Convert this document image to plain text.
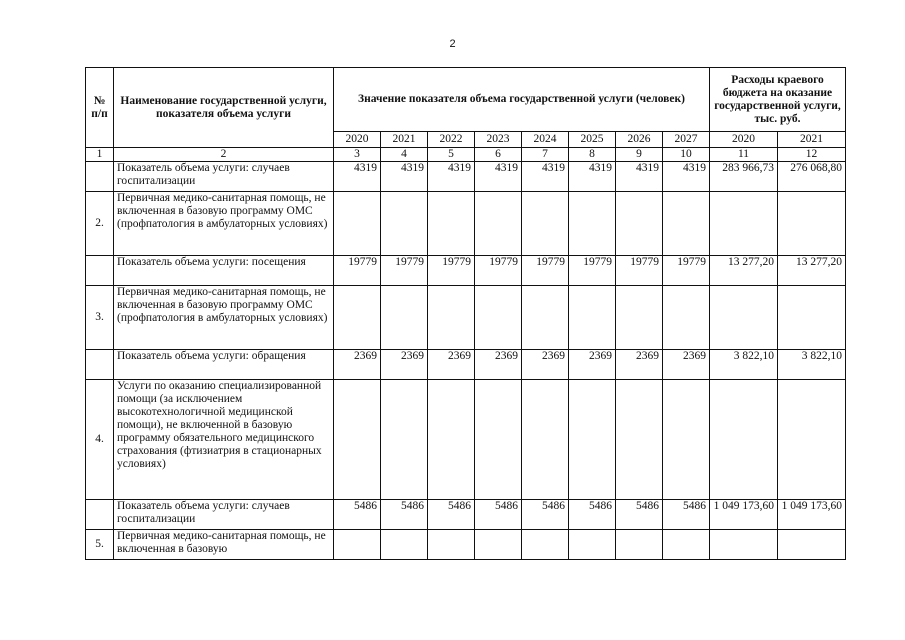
2
№ п/п	Наименование государственной услуги, показателя объема услуги	Значение показателя объема государственной услуги (человек)								Расходы краевого бюджета на оказание государственной услуги, тыс. руб.	
		2020	2021	2022	2023	2024	2025	2026	2027	2020	2021
1	2	3	4	5	6	7	8	9	10	11	12
	Показатель объема услуги: случаев госпитализации	4319	4319	4319	4319	4319	4319	4319	4319	283 966,73	276 068,80
2.	Первичная медико-санитарная помощь, не включенная в базовую программу ОМС (профпатология в амбулаторных условиях)										
	Показатель объема услуги: посещения	19779	19779	19779	19779	19779	19779	19779	19779	13 277,20	13 277,20
3.	Первичная медико-санитарная помощь, не включенная в базовую программу ОМС (профпатология в амбулаторных условиях)										
	Показатель объема услуги: обращения	2369	2369	2369	2369	2369	2369	2369	2369	3 822,10	3 822,10
4.	Услуги по оказанию специализированной помощи (за исключением высокотехнологичной медицинской помощи), не включенной в базовую программу обязательного медицинского страхования (фтизиатрия в стационарных условиях)										
	Показатель объема услуги: случаев госпитализации	5486	5486	5486	5486	5486	5486	5486	5486	1 049 173,60	1 049 173,60
5.	Первичная медико-санитарная помощь, не включенная в базовую										
